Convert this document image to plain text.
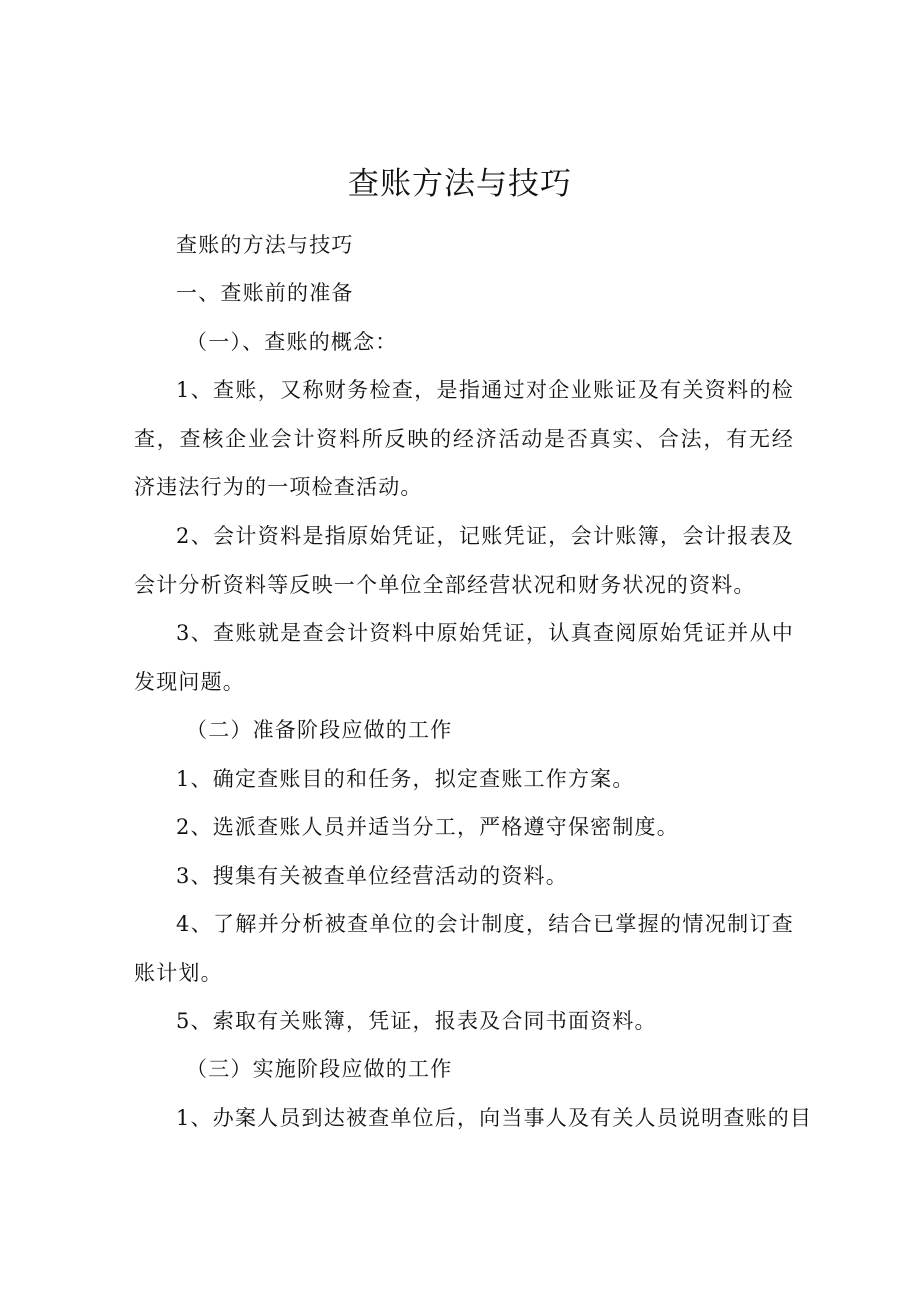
查账方法与技巧

查账的方法与技巧

一、查账前的准备

（一）、查账的概念：

1、查账，又称财务检查，是指通过对企业账证及有关资料的检查，查核企业会计资料所反映的经济活动是否真实、合法，有无经济违法行为的一项检查活动。

2、会计资料是指原始凭证，记账凭证，会计账簿，会计报表及会计分析资料等反映一个单位全部经营状况和财务状况的资料。

3、查账就是查会计资料中原始凭证，认真查阅原始凭证并从中发现问题。

（二）准备阶段应做的工作

1、确定查账目的和任务，拟定查账工作方案。

2、选派查账人员并适当分工，严格遵守保密制度。

3、搜集有关被查单位经营活动的资料。

4、了解并分析被查单位的会计制度，结合已掌握的情况制订查账计划。

5、索取有关账簿，凭证，报表及合同书面资料。

（三）实施阶段应做的工作

1、办案人员到达被查单位后，向当事人及有关人员说明查账的目
